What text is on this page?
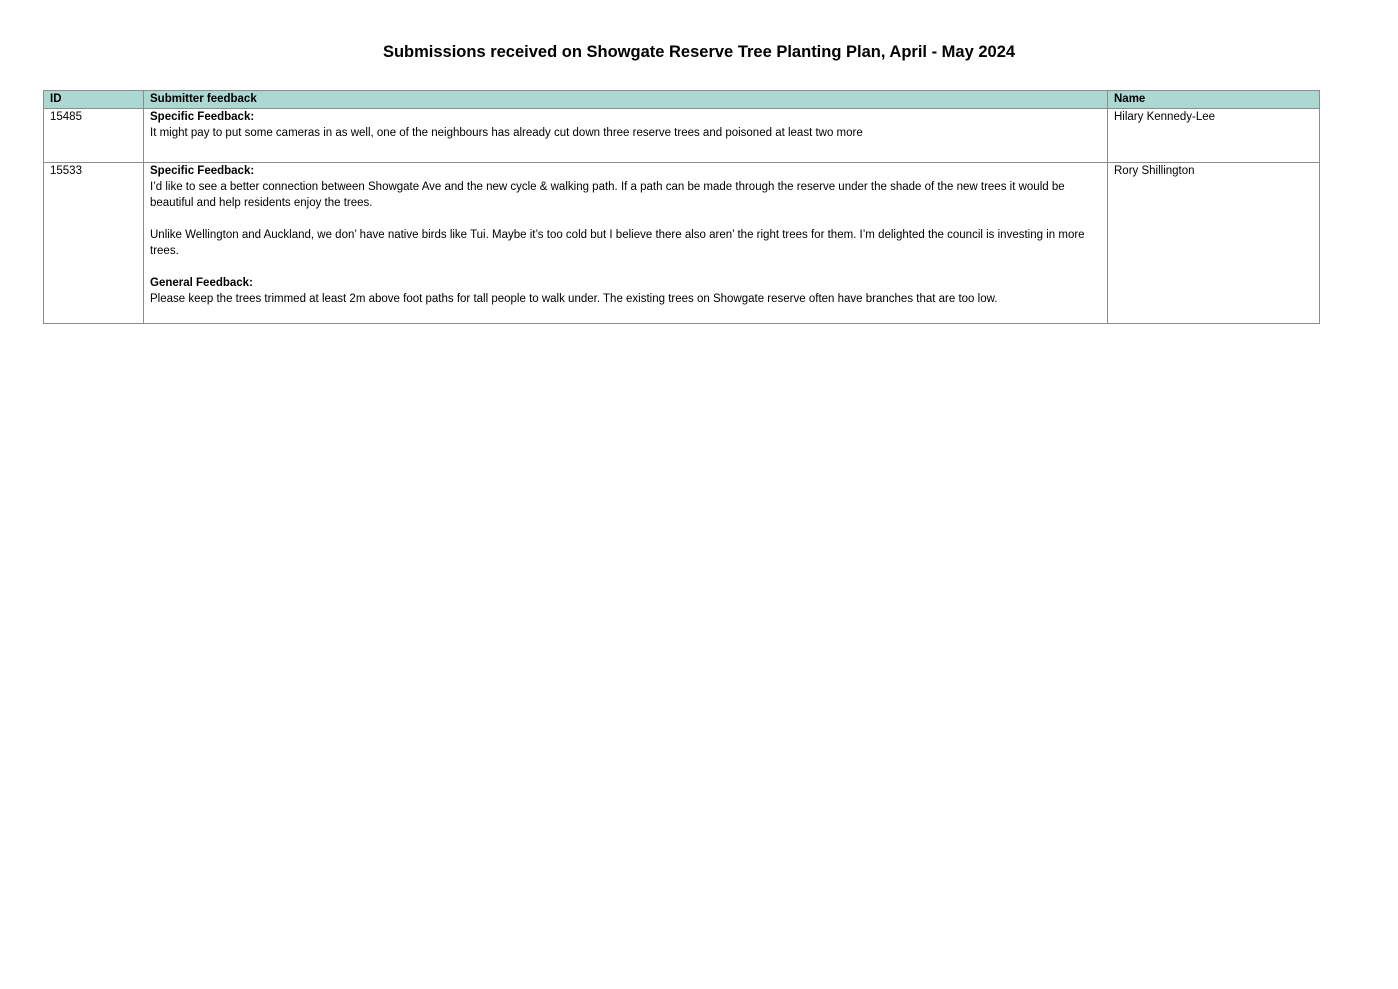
Submissions received on Showgate Reserve Tree Planting Plan, April - May 2024
ID	Submitter feedback	Name
15485	Specific Feedback:
It might pay to put some cameras in as well, one of the neighbours has already cut down three reserve trees and poisoned at least two more	Hilary Kennedy-Lee
15533	Specific Feedback:
I’d like to see a better connection between Showgate Ave and the new cycle & walking path. If a path can be made through the reserve under the shade of the new trees it would be beautiful and help residents enjoy the trees.
Unlike Wellington and Auckland, we don’ have native birds like Tui. Maybe it’s too cold but I believe there also aren’ the right trees for them. I’m delighted the council is investing in more trees.
General Feedback:
Please keep the trees trimmed at least 2m above foot paths for tall people to walk under. The existing trees on Showgate reserve often have branches that are too low.	Rory Shillington
